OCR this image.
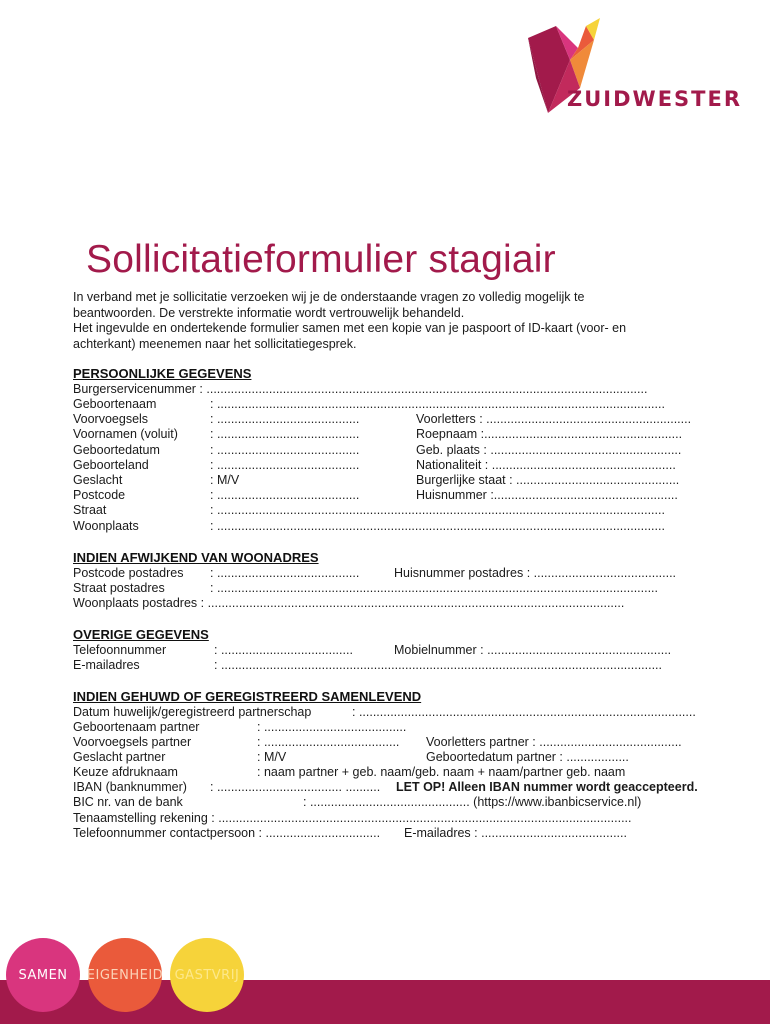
ZUIDWESTER
Sollicitatieformulier stagiair

In verband met je sollicitatie verzoeken wij je de onderstaande vragen zo volledig mogelijk te

beantwoorden. De verstrekte informatie wordt vertrouwelijk behandeld.

Het ingevulde en ondertekende formulier samen met een kopie van je paspoort of ID-kaart (voor- en

achterkant) meenemen naar het sollicitatiegesprek.

PERSOONLIJKE GEGEVENS
Burgerservicenummer : ...............................................................................................................................
Geboortenaam	: .................................................................................................................................
Voorvoegsels	: .........................................	Voorletters : ...........................................................
Voornamen (voluit)	: .........................................	Roepnaam :.........................................................
Geboortedatum	: .........................................	Geb. plaats : .......................................................
Geboorteland	: .........................................	Nationaliteit : .....................................................
Geslacht	: M/V	Burgerlijke staat : ...............................................
Postcode	: .........................................	Huisnummer :.....................................................
Straat	: .................................................................................................................................
Woonplaats	: .................................................................................................................................
INDIEN AFWIJKEND VAN WOONADRES
Postcode postadres : .........................................	Huisnummer postadres : .........................................
Straat postadres	: ...............................................................................................................................
Woonplaats postadres : ........................................................................................................................
OVERIGE GEGEVENS
Telefoonnummer	: ......................................	Mobielnummer : .....................................................
E-mailadres	: ...............................................................................................................................
INDIEN GEHUWD OF GEREGISTREERD SAMENLEVEND
Datum huwelijk/geregistreerd partnerschap	: .................................................................................................
Geboortenaam partner	: .........................................
Voorvoegsels partner	: ....................................... Voorletters partner : .........................................
Geslacht partner	: M/V	Geboortedatum partner : ..................
Keuze afdruknaam	: naam partner + geb. naam/geb. naam + naam/partner geb. naam
IBAN (banknummer) : .................................... .......... LET OP! Alleen IBAN nummer wordt geaccepteerd.
BIC nr. van de bank	: .............................................. (https://www.ibanbicservice.nl)
Tenaamstelling rekening : .......................................................................................................................
Telefoonnummer contactpersoon : ................................. E-mailadres : ..........................................
SAMEN	EIGENHEID GASTVRIJ
